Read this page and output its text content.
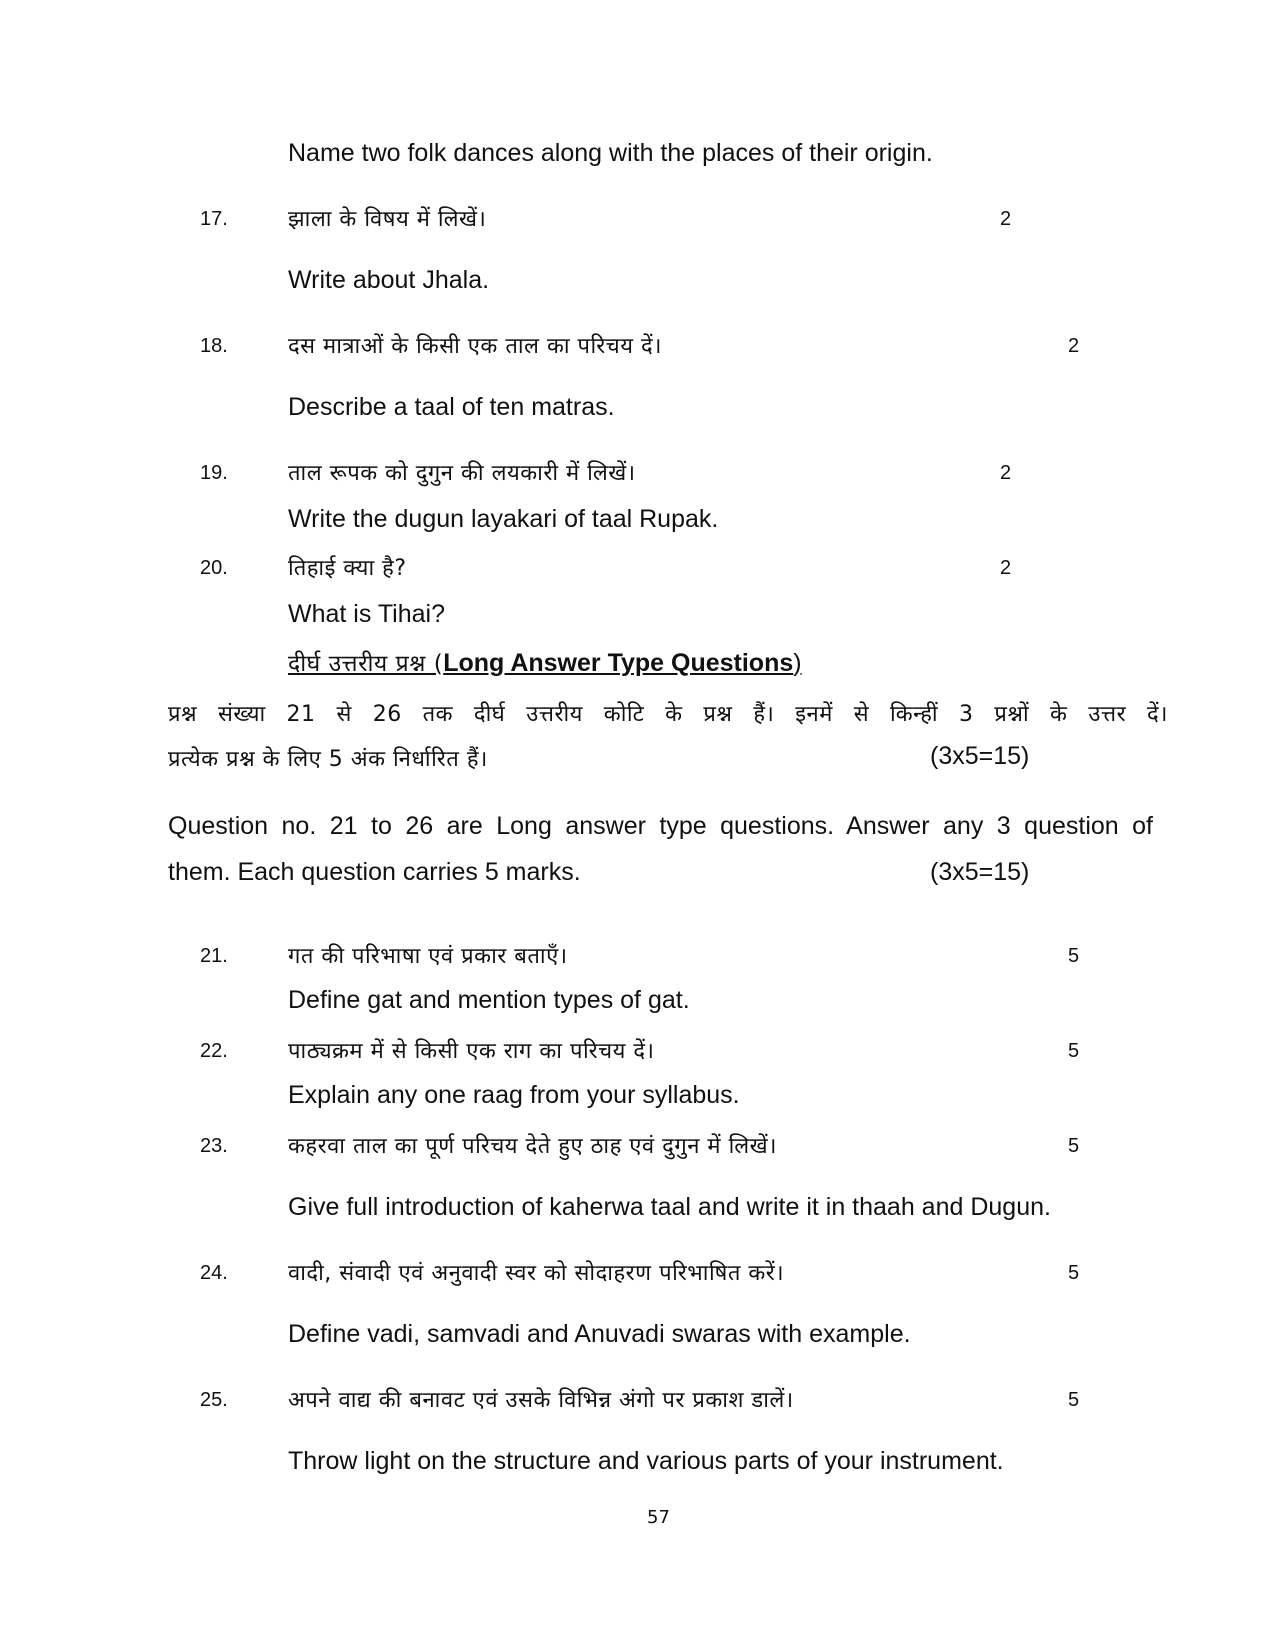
Name two folk dances along with the places of their origin.
17.	झाला के विषय में लिखें।	2
Write about Jhala.
18.	दस मात्राओं के किसी एक ताल का परिचय दें।	2
Describe a taal of ten matras.
19.	ताल रूपक को दुगुन की लयकारी में लिखें।	2
Write the dugun layakari of taal Rupak.
20.	तिहाई क्या है?	2
What is Tihai?
दीर्घ उत्तरीय प्रश्न (Long Answer Type Questions)
प्रश्न संख्या 21 से 26 तक दीर्घ उत्तरीय कोटि के प्रश्न हैं। इनमें से किन्हीं 3 प्रश्नों के उत्तर दें।
प्रत्येक प्रश्न के लिए 5 अंक निर्धारित हैं।	(3x5=15)
Question no. 21 to 26 are Long answer type questions. Answer any 3 question of
them. Each question carries 5 marks.	(3x5=15)
21.	गत की परिभाषा एवं प्रकार बताएँ।	5
Define gat and mention types of gat.
22.	पाठ्यक्रम में से किसी एक राग का परिचय दें।	5
Explain any one raag from your syllabus.
23.	कहरवा ताल का पूर्ण परिचय देते हुए ठाह एवं दुगुन में लिखें।	5
Give full introduction of kaherwa taal and write it in thaah and Dugun.
24.	वादी, संवादी एवं अनुवादी स्वर को सोदाहरण परिभाषित करें।	5
Define vadi, samvadi and Anuvadi swaras with example.
25.	अपने वाद्य की बनावट एवं उसके विभिन्न अंगो पर प्रकाश डालें।	5
Throw light on the structure and various parts of your instrument.
57
